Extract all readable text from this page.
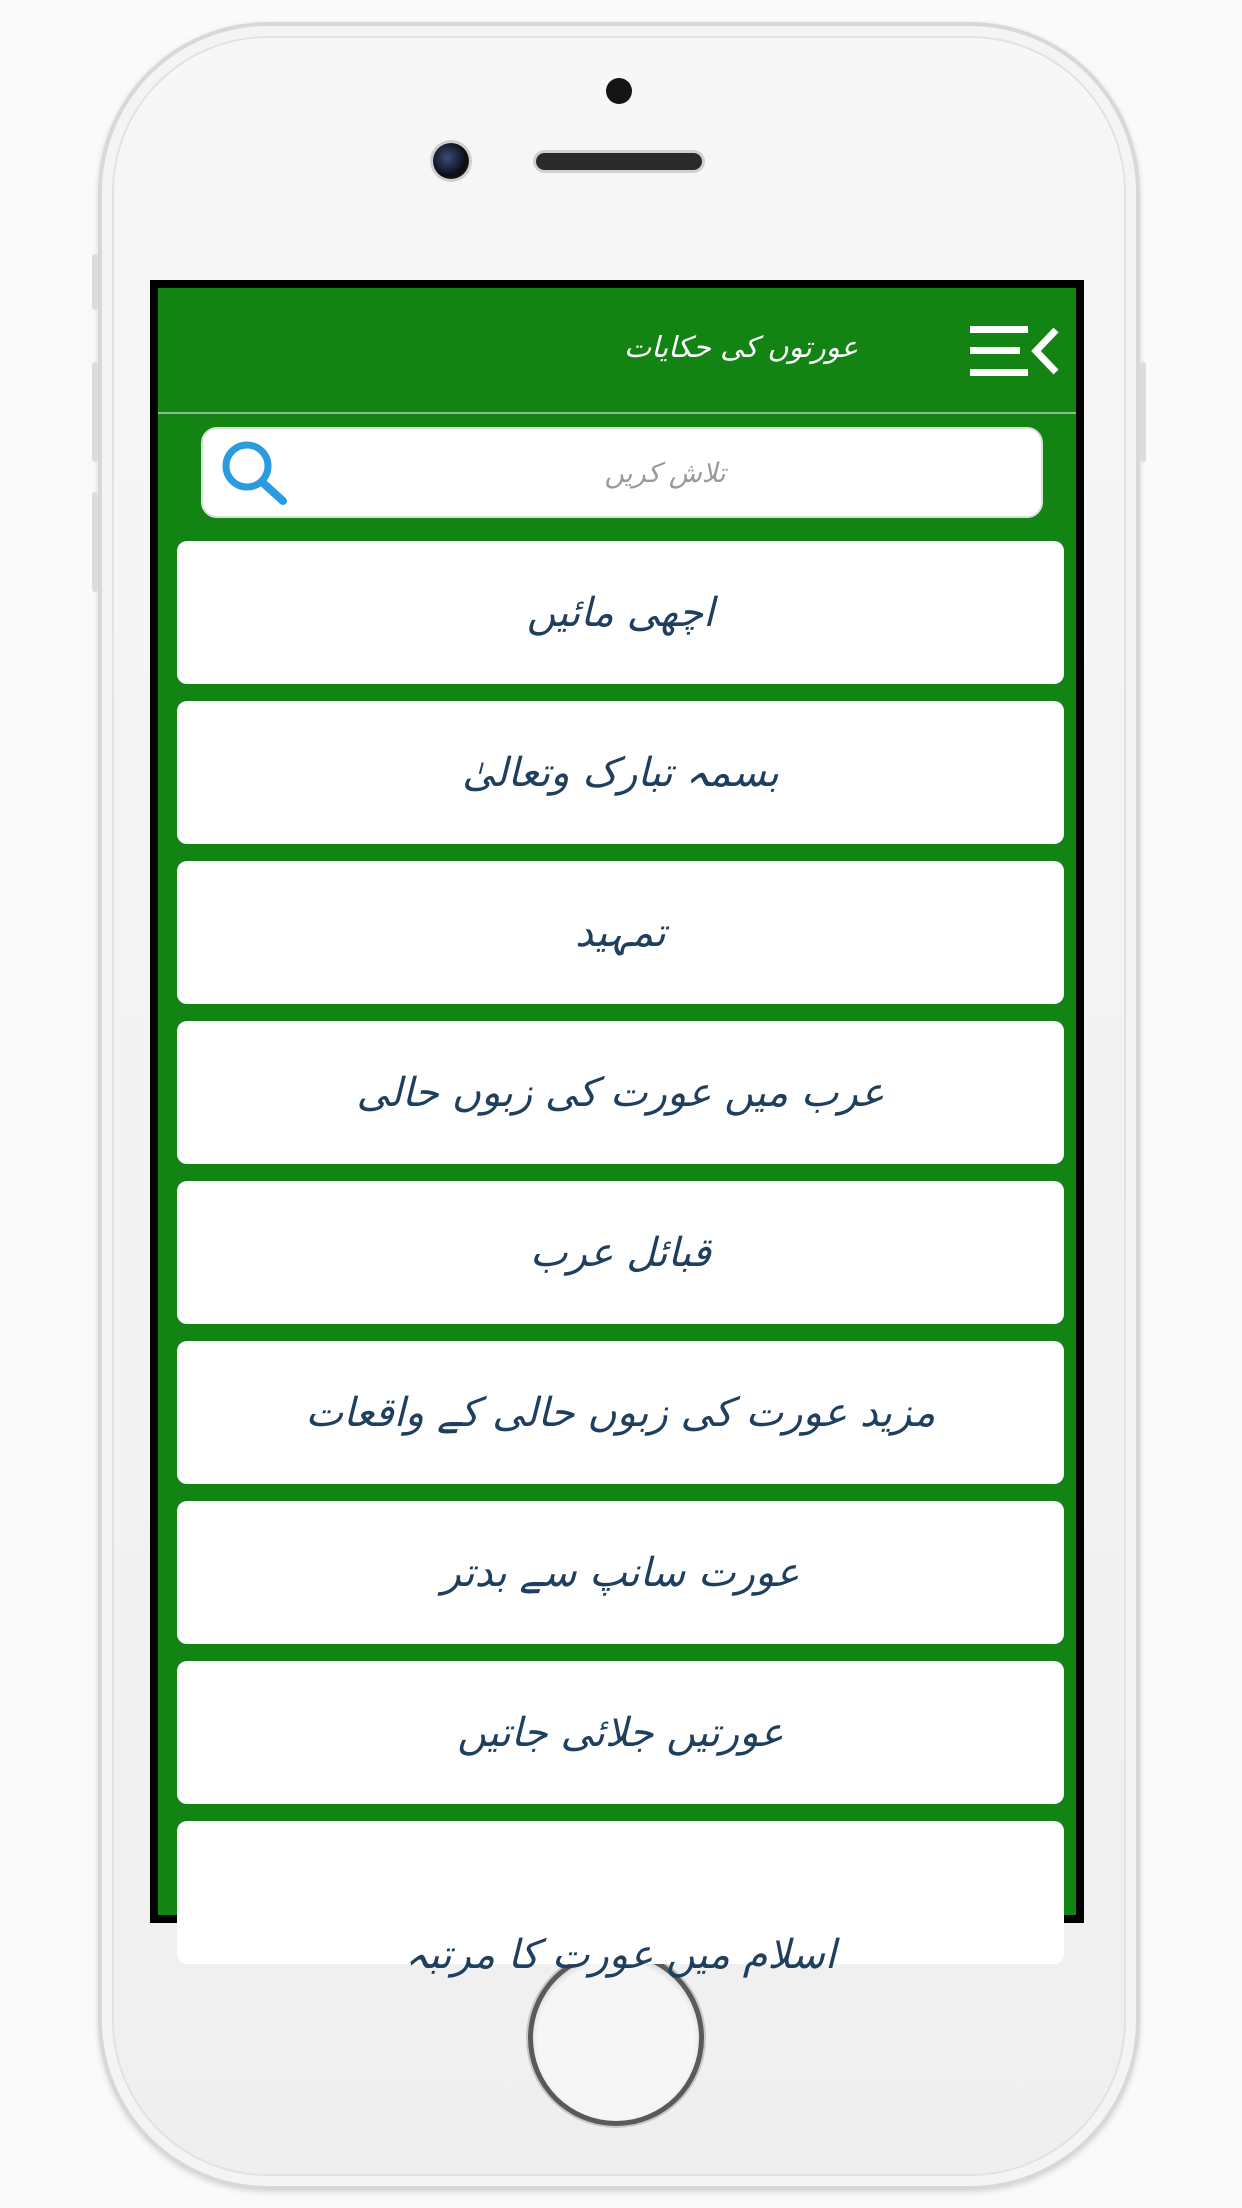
عورتوں کی حکایات
تلاش کریں
اچھی مائیں
بسمہ تبارک وتعالیٰ
تمہید
عرب میں عورت کی زبوں حالی
قبائل عرب
مزید عورت کی زبوں حالی کے واقعات
عورت سانپ سے بدتر
عورتیں جلائی جاتیں
اسلام میں عورت کا مرتبہ
